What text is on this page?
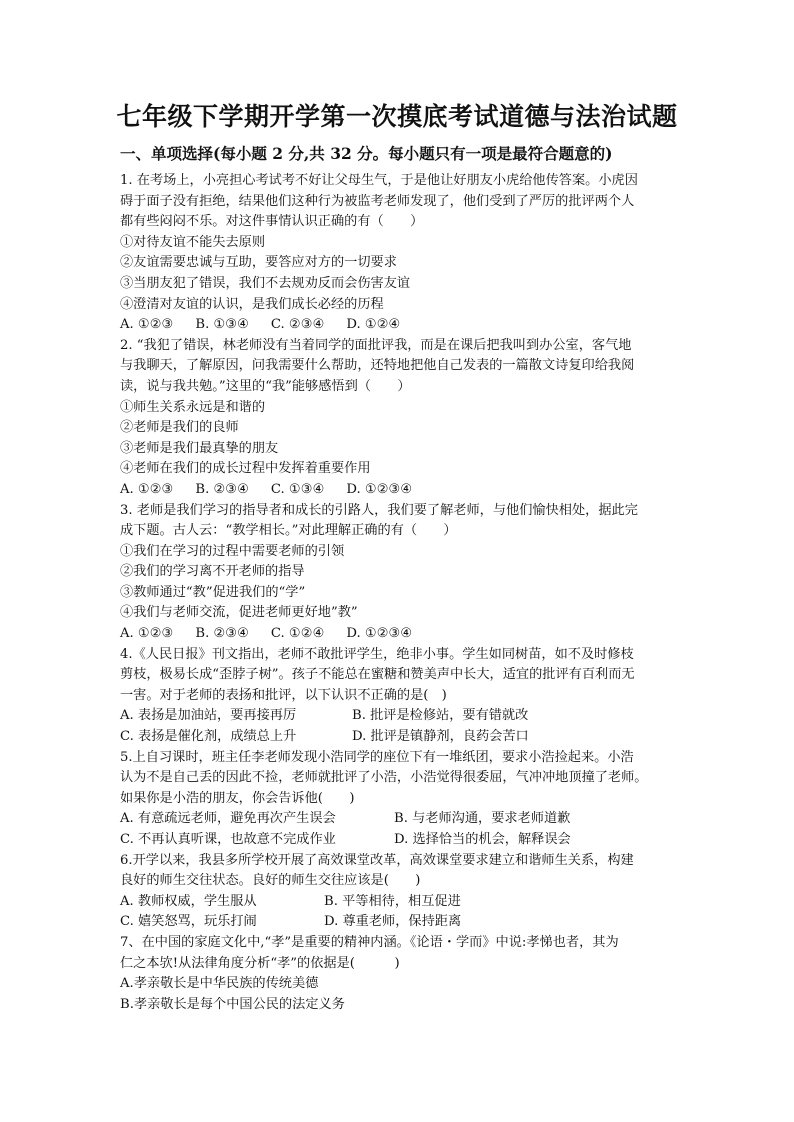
七年级下学期开学第一次摸底考试道德与法治试题
一、单项选择(每小题 2 分,共 32 分。每小题只有一项是最符合题意的)
1. 在考场上，小亮担心考试考不好让父母生气，于是他让好朋友小虎给他传答案。小虎因
碍于面子没有拒绝，结果他们这种行为被监考老师发现了，他们受到了严厉的批评两个人
都有些闷闷不乐。对这件事情认识正确的有（　　）
①对待友谊不能失去原则
②友谊需要忠诚与互助，要答应对方的一切要求
③当朋友犯了错误，我们不去规劝反而会伤害友谊
④澄清对友谊的认识，是我们成长必经的历程
A. ①②③ B. ①③④ C. ②③④ D. ①②④
2. “我犯了错误，林老师没有当着同学的面批评我，而是在课后把我叫到办公室，客气地
与我聊天，了解原因，问我需要什么帮助，还特地把他自己发表的一篇散文诗复印给我阅
读，说与我共勉。”这里的“我”能够感悟到（　　）
①师生关系永远是和谐的
②老师是我们的良师
③老师是我们最真挚的朋友
④老师在我们的成长过程中发挥着重要作用
A. ①②③ B. ②③④ C. ①③④ D. ①②③④
3. 老师是我们学习的指导者和成长的引路人，我们要了解老师，与他们愉快相处，据此完
成下题。古人云：“教学相长。”对此理解正确的有（　　）
①我们在学习的过程中需要老师的引领
②我们的学习离不开老师的指导
③教师通过“教”促进我们的“学”
④我们与老师交流，促进老师更好地”教”
A. ①②③ B. ②③④ C. ①②④ D. ①②③④
4.《人民日报》刊文指出，老师不敢批评学生，绝非小事。学生如同树苗，如不及时修枝
剪枝，极易长成“歪脖子树”。孩子不能总在蜜糖和赞美声中长大，适宜的批评有百利而无
一害。对于老师的表扬和批评，以下认识不正确的是(　)
A. 表扬是加油站，要再接再厉	B. 批评是检修站，要有错就改
C. 表扬是催化剂，成绩总上升	D. 批评是镇静剂，良药会苦口
5.上自习课时，班主任李老师发现小浩同学的座位下有一堆纸团，要求小浩捡起来。小浩
认为不是自己丢的因此不捡，老师就批评了小浩，小浩觉得很委屈，气冲冲地顶撞了老师。
如果你是小浩的朋友，你会告诉他(　　)
A. 有意疏远老师，避免再次产生误会	B. 与老师沟通，要求老师道歉
C. 不再认真听课，也故意不完成作业	D. 选择恰当的机会，解释误会
6.开学以来，我县多所学校开展了高效课堂改革，高效课堂要求建立和谐师生关系，构建
良好的师生交往状态。良好的师生交往应该是(　　)
A. 教师权威，学生服从	B. 平等相待，相互促进
C. 嬉笑怒骂，玩乐打闹	D. 尊重老师，保持距离
7、在中国的家庭文化中,“孝”是重要的精神内涵。《论语・学而》中说:孝悌也者，其为
仁之本欤!从法律角度分析“孝”的依据是(　　　)
A.孝亲敬长是中华民族的传统美德
B.孝亲敬长是每个中国公民的法定义务
